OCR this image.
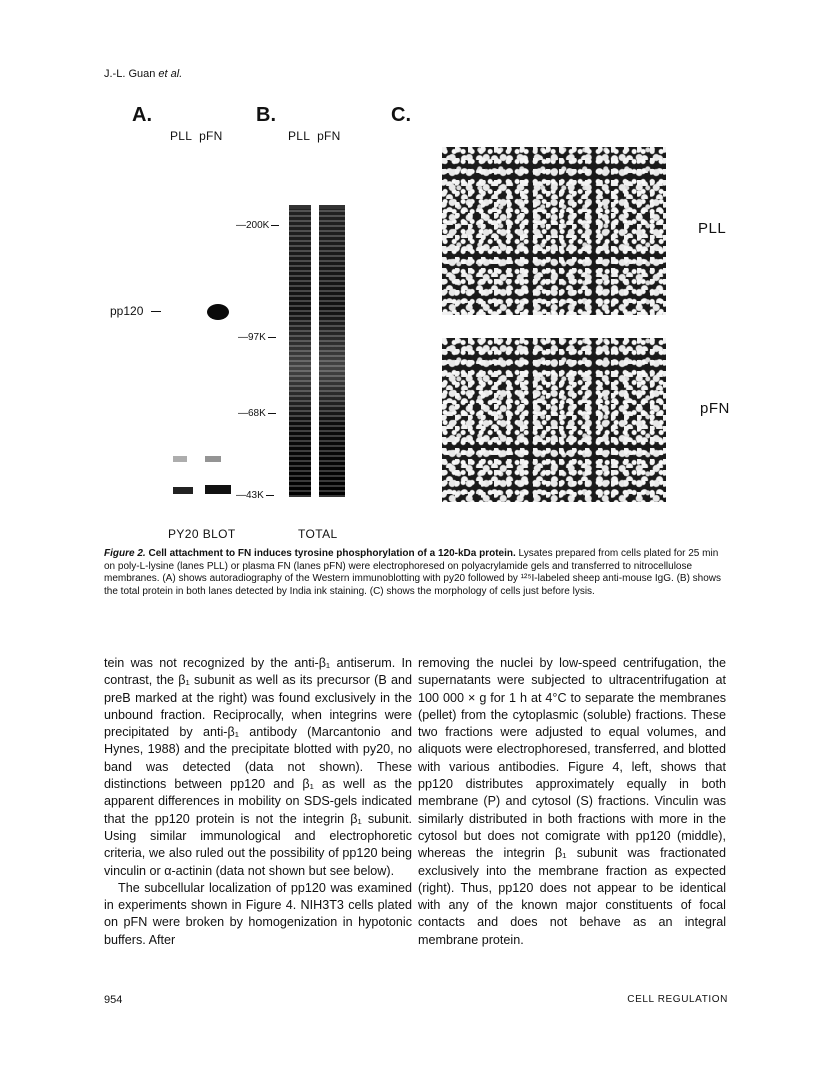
J.-L. Guan et al.
A.
PLL  pFN
pp120
PY20 BLOT
B.
PLL  pFN
—200K
—97K
—68K
—43K
TOTAL
C.
PLL
pFN
Figure 2. Cell attachment to FN induces tyrosine phosphorylation of a 120-kDa protein. Lysates prepared from cells plated for 25 min on poly-L-lysine (lanes PLL) or plasma FN (lanes pFN) were electrophoresed on polyacrylamide gels and transferred to nitrocellulose membranes. (A) shows autoradiography of the Western immunoblotting with py20 followed by ¹²⁵I-labeled sheep anti-mouse IgG. (B) shows the total protein in both lanes detected by India ink staining. (C) shows the morphology of cells just before lysis.

tein was not recognized by the anti-β₁ antiserum. In contrast, the β₁ subunit as well as its precursor (B and preB marked at the right) was found exclusively in the unbound fraction. Reciprocally, when integrins were precipitated by anti-β₁ antibody (Marcantonio and Hynes, 1988) and the precipitate blotted with py20, no band was detected (data not shown). These distinctions between pp120 and β₁ as well as the apparent differences in mobility on SDS-gels indicated that the pp120 protein is not the integrin β₁ subunit. Using similar immunological and electrophoretic criteria, we also ruled out the possibility of pp120 being vinculin or α-actinin (data not shown but see below).

The subcellular localization of pp120 was examined in experiments shown in Figure 4. NIH3T3 cells plated on pFN were broken by homogenization in hypotonic buffers. After

removing the nuclei by low-speed centrifugation, the supernatants were subjected to ultracentrifugation at 100 000 × g for 1 h at 4°C to separate the membranes (pellet) from the cytoplasmic (soluble) fractions. These two fractions were adjusted to equal volumes, and aliquots were electrophoresed, transferred, and blotted with various antibodies. Figure 4, left, shows that pp120 distributes approximately equally in both membrane (P) and cytosol (S) fractions. Vinculin was similarly distributed in both fractions with more in the cytosol but does not comigrate with pp120 (middle), whereas the integrin β₁ subunit was fractionated exclusively into the membrane fraction as expected (right). Thus, pp120 does not appear to be identical with any of the known major constituents of focal contacts and does not behave as an integral membrane protein.

954	CELL REGULATION
